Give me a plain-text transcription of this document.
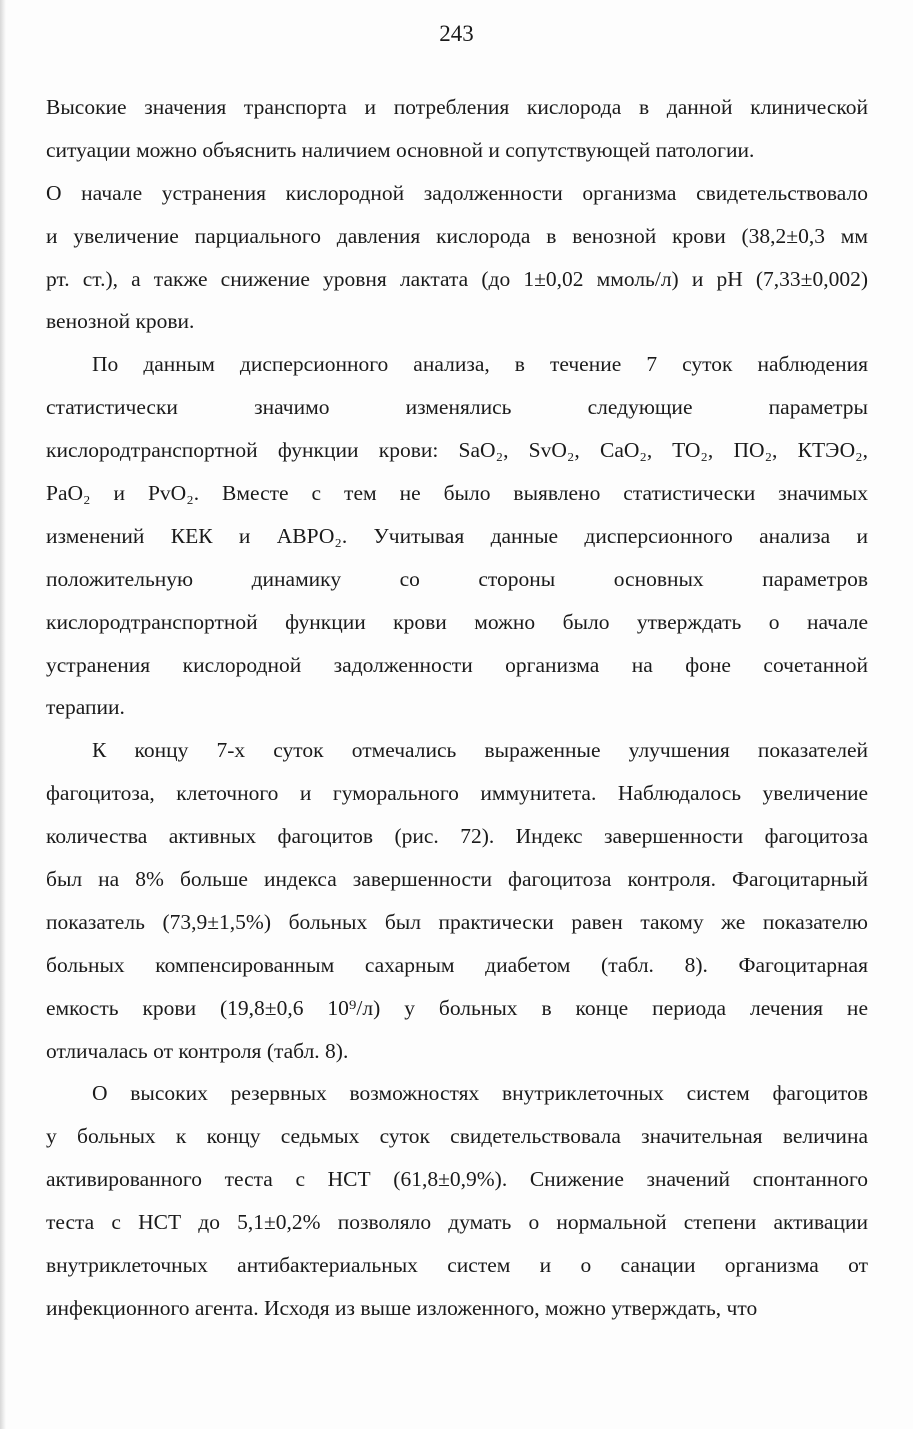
243
Высокие значения транспорта и потребления кислорода в данной клинической
ситуации можно объяснить наличием основной и сопутствующей патологии.
О начале устранения кислородной задолженности организма свидетельствовало
и увеличение парциального давления кислорода в венозной крови (38,2±0,3 мм
рт. ст.), а также снижение уровня лактата (до 1±0,02 ммоль/л) и рН (7,33±0,002)
венозной крови.
По данным дисперсионного анализа, в течение 7 суток наблюдения
статистически значимо изменялись следующие параметры
кислородтранспортной функции крови: SaO₂, SvO₂, CaO₂, TO₂, ПО₂, КТЭО₂,
PaO₂ и PvO₂. Вместе с тем не было выявлено статистически значимых
изменений КЕК и АВРО₂. Учитывая данные дисперсионного анализа и
положительную динамику со стороны основных параметров
кислородтранспортной функции крови можно было утверждать о начале
устранения кислородной задолженности организма на фоне сочетанной
терапии.
К концу 7-х суток отмечались выраженные улучшения показателей
фагоцитоза, клеточного и гуморального иммунитета. Наблюдалось увеличение
количества активных фагоцитов (рис. 72). Индекс завершенности фагоцитоза
был на 8% больше индекса завершенности фагоцитоза контроля. Фагоцитарный
показатель (73,9±1,5%) больных был практически равен такому же показателю
больных компенсированным сахарным диабетом (табл. 8). Фагоцитарная
емкость крови (19,8±0,6 10⁹/л) у больных в конце периода лечения не
отличалась от контроля (табл. 8).
О высоких резервных возможностях внутриклеточных систем фагоцитов
у больных к концу седьмых суток свидетельствовала значительная величина
активированного теста с НСТ (61,8±0,9%). Снижение значений спонтанного
теста с НСТ до 5,1±0,2% позволяло думать о нормальной степени активации
внутриклеточных антибактериальных систем и о санации организма от
инфекционного агента. Исходя из выше изложенного, можно утверждать, что
